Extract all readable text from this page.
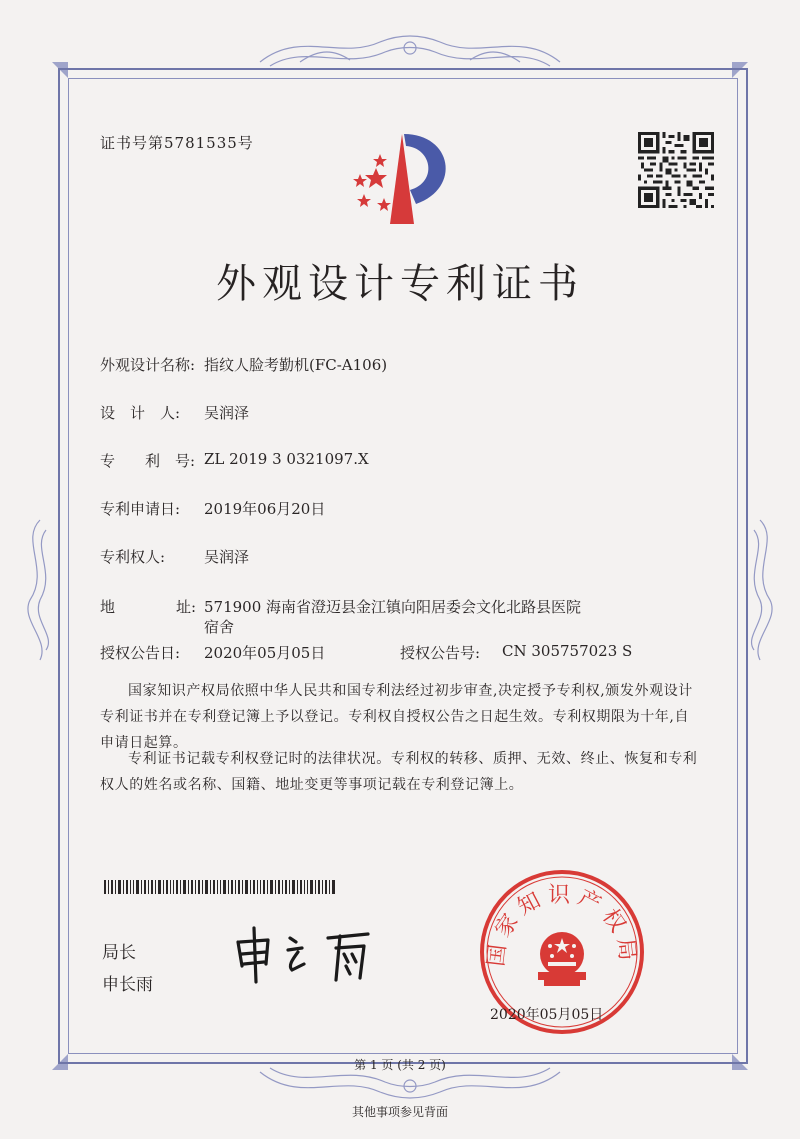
证书号第5781535号
外观设计专利证书
外观设计名称: 指纹人脸考勤机(FC-A106)
设　计　人: 吴润泽
专　　利　号: ZL 2019 3 0321097.X
专利申请日: 2019年06月20日
专利权人:	吴润泽
地	址: 571900 海南省澄迈县金江镇向阳居委会文化北路县医院
宿舍
授权公告日: 2020年05月05日	授权公告号: CN 305757023 S
国家知识产权局依照中华人民共和国专利法经过初步审查,决定授予专利权,颁发外观设计专利证书并在专利登记簿上予以登记。专利权自授权公告之日起生效。专利权期限为十年,自申请日起算。
专利证书记载专利权登记时的法律状况。专利权的转移、质押、无效、终止、恢复和专利权人的姓名或名称、国籍、地址变更等事项记载在专利登记簿上。
局长
申长雨
国家知识产权局
2020年05月05日
第 1 页 (共 2 页)
其他事项参见背面
